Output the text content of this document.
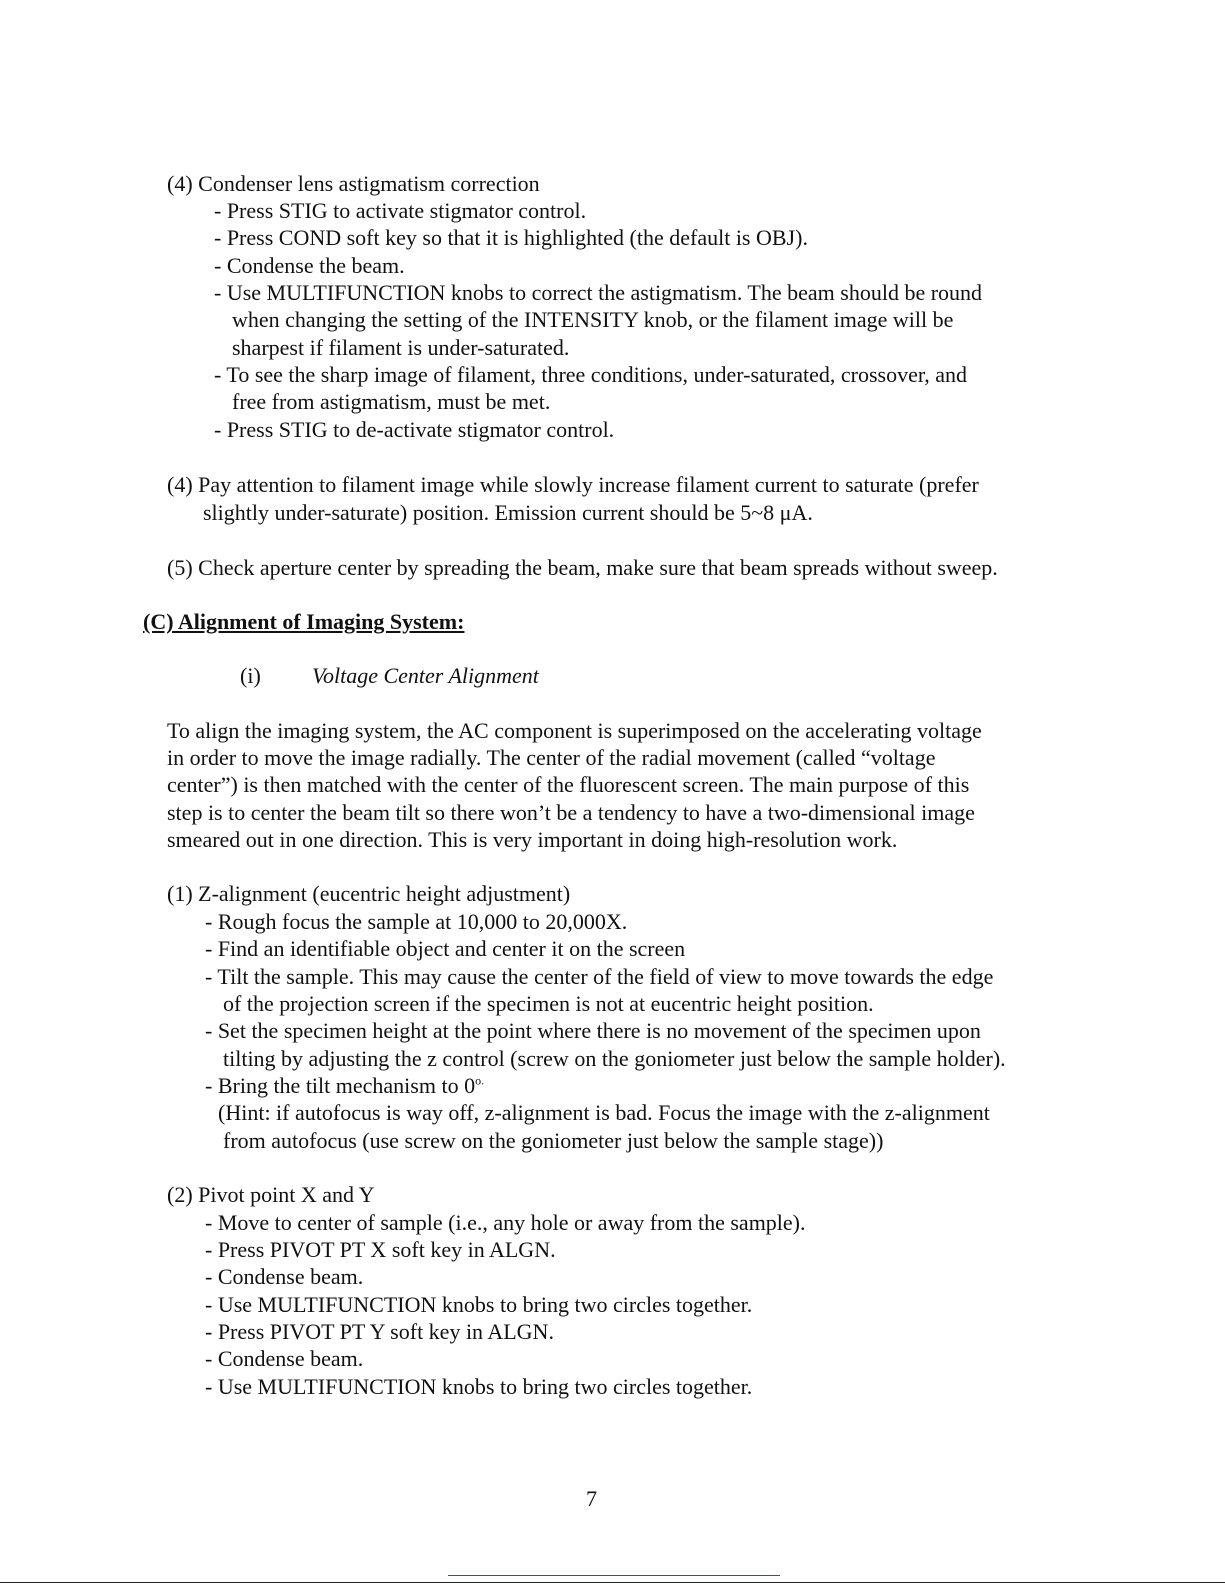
(4) Condenser lens astigmatism correction

- Press STIG to activate stigmator control.

- Press COND soft key so that it is highlighted (the default is OBJ).

- Condense the beam.

- Use MULTIFUNCTION knobs to correct the astigmatism. The beam should be round

when changing the setting of the INTENSITY knob, or the filament image will be

sharpest if filament is under-saturated.

- To see the sharp image of filament, three conditions, under-saturated, crossover, and

free from astigmatism, must be met.

- Press STIG to de-activate stigmator control.

(4) Pay attention to filament image while slowly increase filament current to saturate (prefer

slightly under-saturate) position. Emission current should be 5~8 μA.

(5) Check aperture center by spreading the beam, make sure that beam spreads without sweep.

(C) Alignment of Imaging System:

(i) Voltage Center Alignment

To align the imaging system, the AC component is superimposed on the accelerating voltage

in order to move the image radially. The center of the radial movement (called “voltage

center”) is then matched with the center of the fluorescent screen. The main purpose of this

step is to center the beam tilt so there won’t be a tendency to have a two-dimensional image

smeared out in one direction. This is very important in doing high-resolution work.

(1) Z-alignment (eucentric height adjustment)

- Rough focus the sample at 10,000 to 20,000X.

- Find an identifiable object and center it on the screen

- Tilt the sample. This may cause the center of the field of view to move towards the edge

of the projection screen if the specimen is not at eucentric height position.

- Set the specimen height at the point where there is no movement of the specimen upon

tilting by adjusting the z control (screw on the goniometer just below the sample holder).

- Bring the tilt mechanism to $0^{o.}$

(Hint: if autofocus is way off, z-alignment is bad. Focus the image with the z-alignment

from autofocus (use screw on the goniometer just below the sample stage))

(2) Pivot point X and Y

- Move to center of sample (i.e., any hole or away from the sample).

- Press PIVOT PT X soft key in ALGN.

- Condense beam.

- Use MULTIFUNCTION knobs to bring two circles together.

- Press PIVOT PT Y soft key in ALGN.

- Condense beam.

- Use MULTIFUNCTION knobs to bring two circles together.

7
